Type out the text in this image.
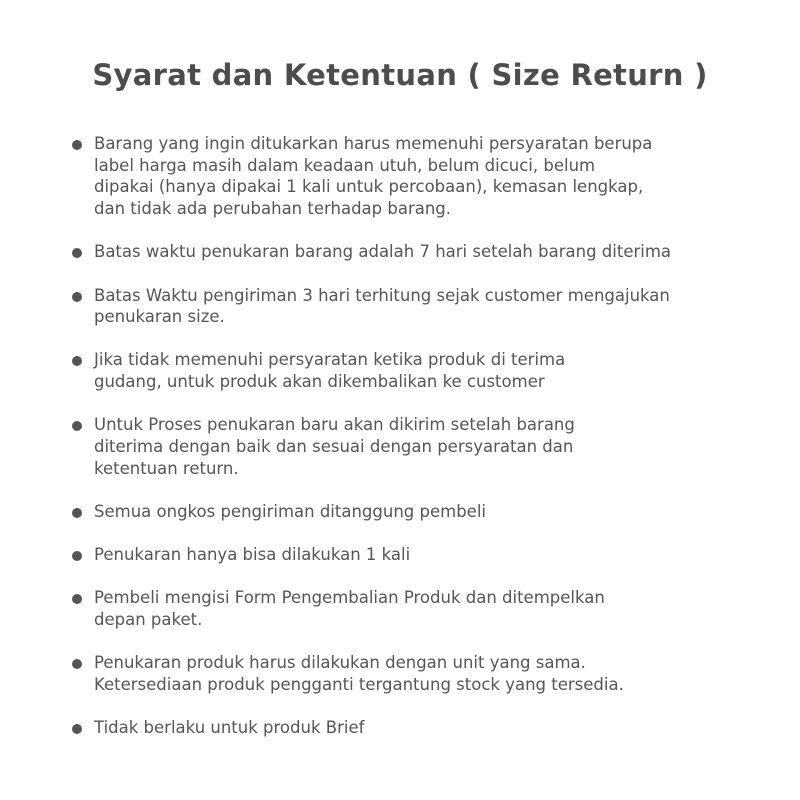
Syarat dan Ketentuan ( Size Return )
Barang yang ingin ditukarkan harus memenuhi persyaratan berupa
label harga masih dalam keadaan utuh, belum dicuci, belum
dipakai (hanya dipakai 1 kali untuk percobaan), kemasan lengkap,
dan tidak ada perubahan terhadap barang.
Batas waktu penukaran barang adalah 7 hari setelah barang diterima
Batas Waktu pengiriman 3 hari terhitung sejak customer mengajukan
penukaran size.
Jika tidak memenuhi persyaratan ketika produk di terima
gudang, untuk produk akan dikembalikan ke customer
Untuk Proses penukaran baru akan dikirim setelah barang
diterima dengan baik dan sesuai dengan persyaratan dan
ketentuan return.
Semua ongkos pengiriman ditanggung pembeli
Penukaran hanya bisa dilakukan 1 kali
Pembeli mengisi Form Pengembalian Produk dan ditempelkan
depan paket.
Penukaran produk harus dilakukan dengan unit yang sama.
Ketersediaan produk pengganti tergantung stock yang tersedia.
Tidak berlaku untuk produk Brief
